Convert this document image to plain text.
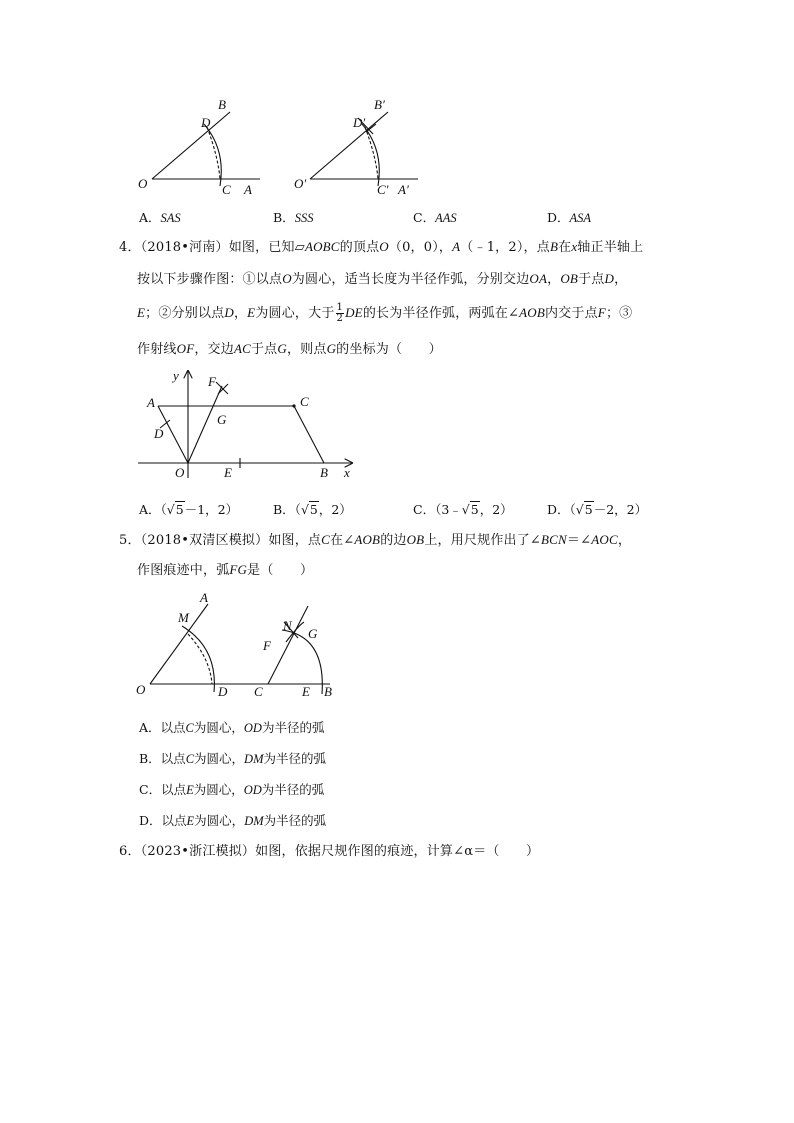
B
D
O	C A
B′
D′
O′	C′ A′
A．SAS	B．SSS	C．AAS	D．ASA
4．（2018•河南）如图，已知▱AOBC的顶点O（0，0），A（﹣1，2），点B在x轴正半轴上
按以下步骤作图：①以点O为圆心，适当长度为半径作弧，分别交边OA，OB于点D，
E；②分别以点D，E为圆心，大于 $\frac{1}{2}$ DE的长为半径作弧，两弧在∠AOB内交于点F；③
作射线OF，交边AC于点G，则点G的坐标为（　　）
y F
A	C
G
D
O	E	B x
A．（√5－1，2）	B．（√5，2）	C．（3﹣√5，2）	D．（√5－2，2）
5．（2018•双清区模拟）如图，点C在∠AOB的边OB上，用尺规作出了∠BCN＝∠AOC，
作图痕迹中，弧FG是（　　）
A
M
N
G
F
O	D C	E B
A．以点C为圆心，OD为半径的弧
B．以点C为圆心，DM为半径的弧
C．以点E为圆心，OD为半径的弧
D．以点E为圆心，DM为半径的弧
6．（2023•浙江模拟）如图，依据尺规作图的痕迹，计算∠α＝（　　）
